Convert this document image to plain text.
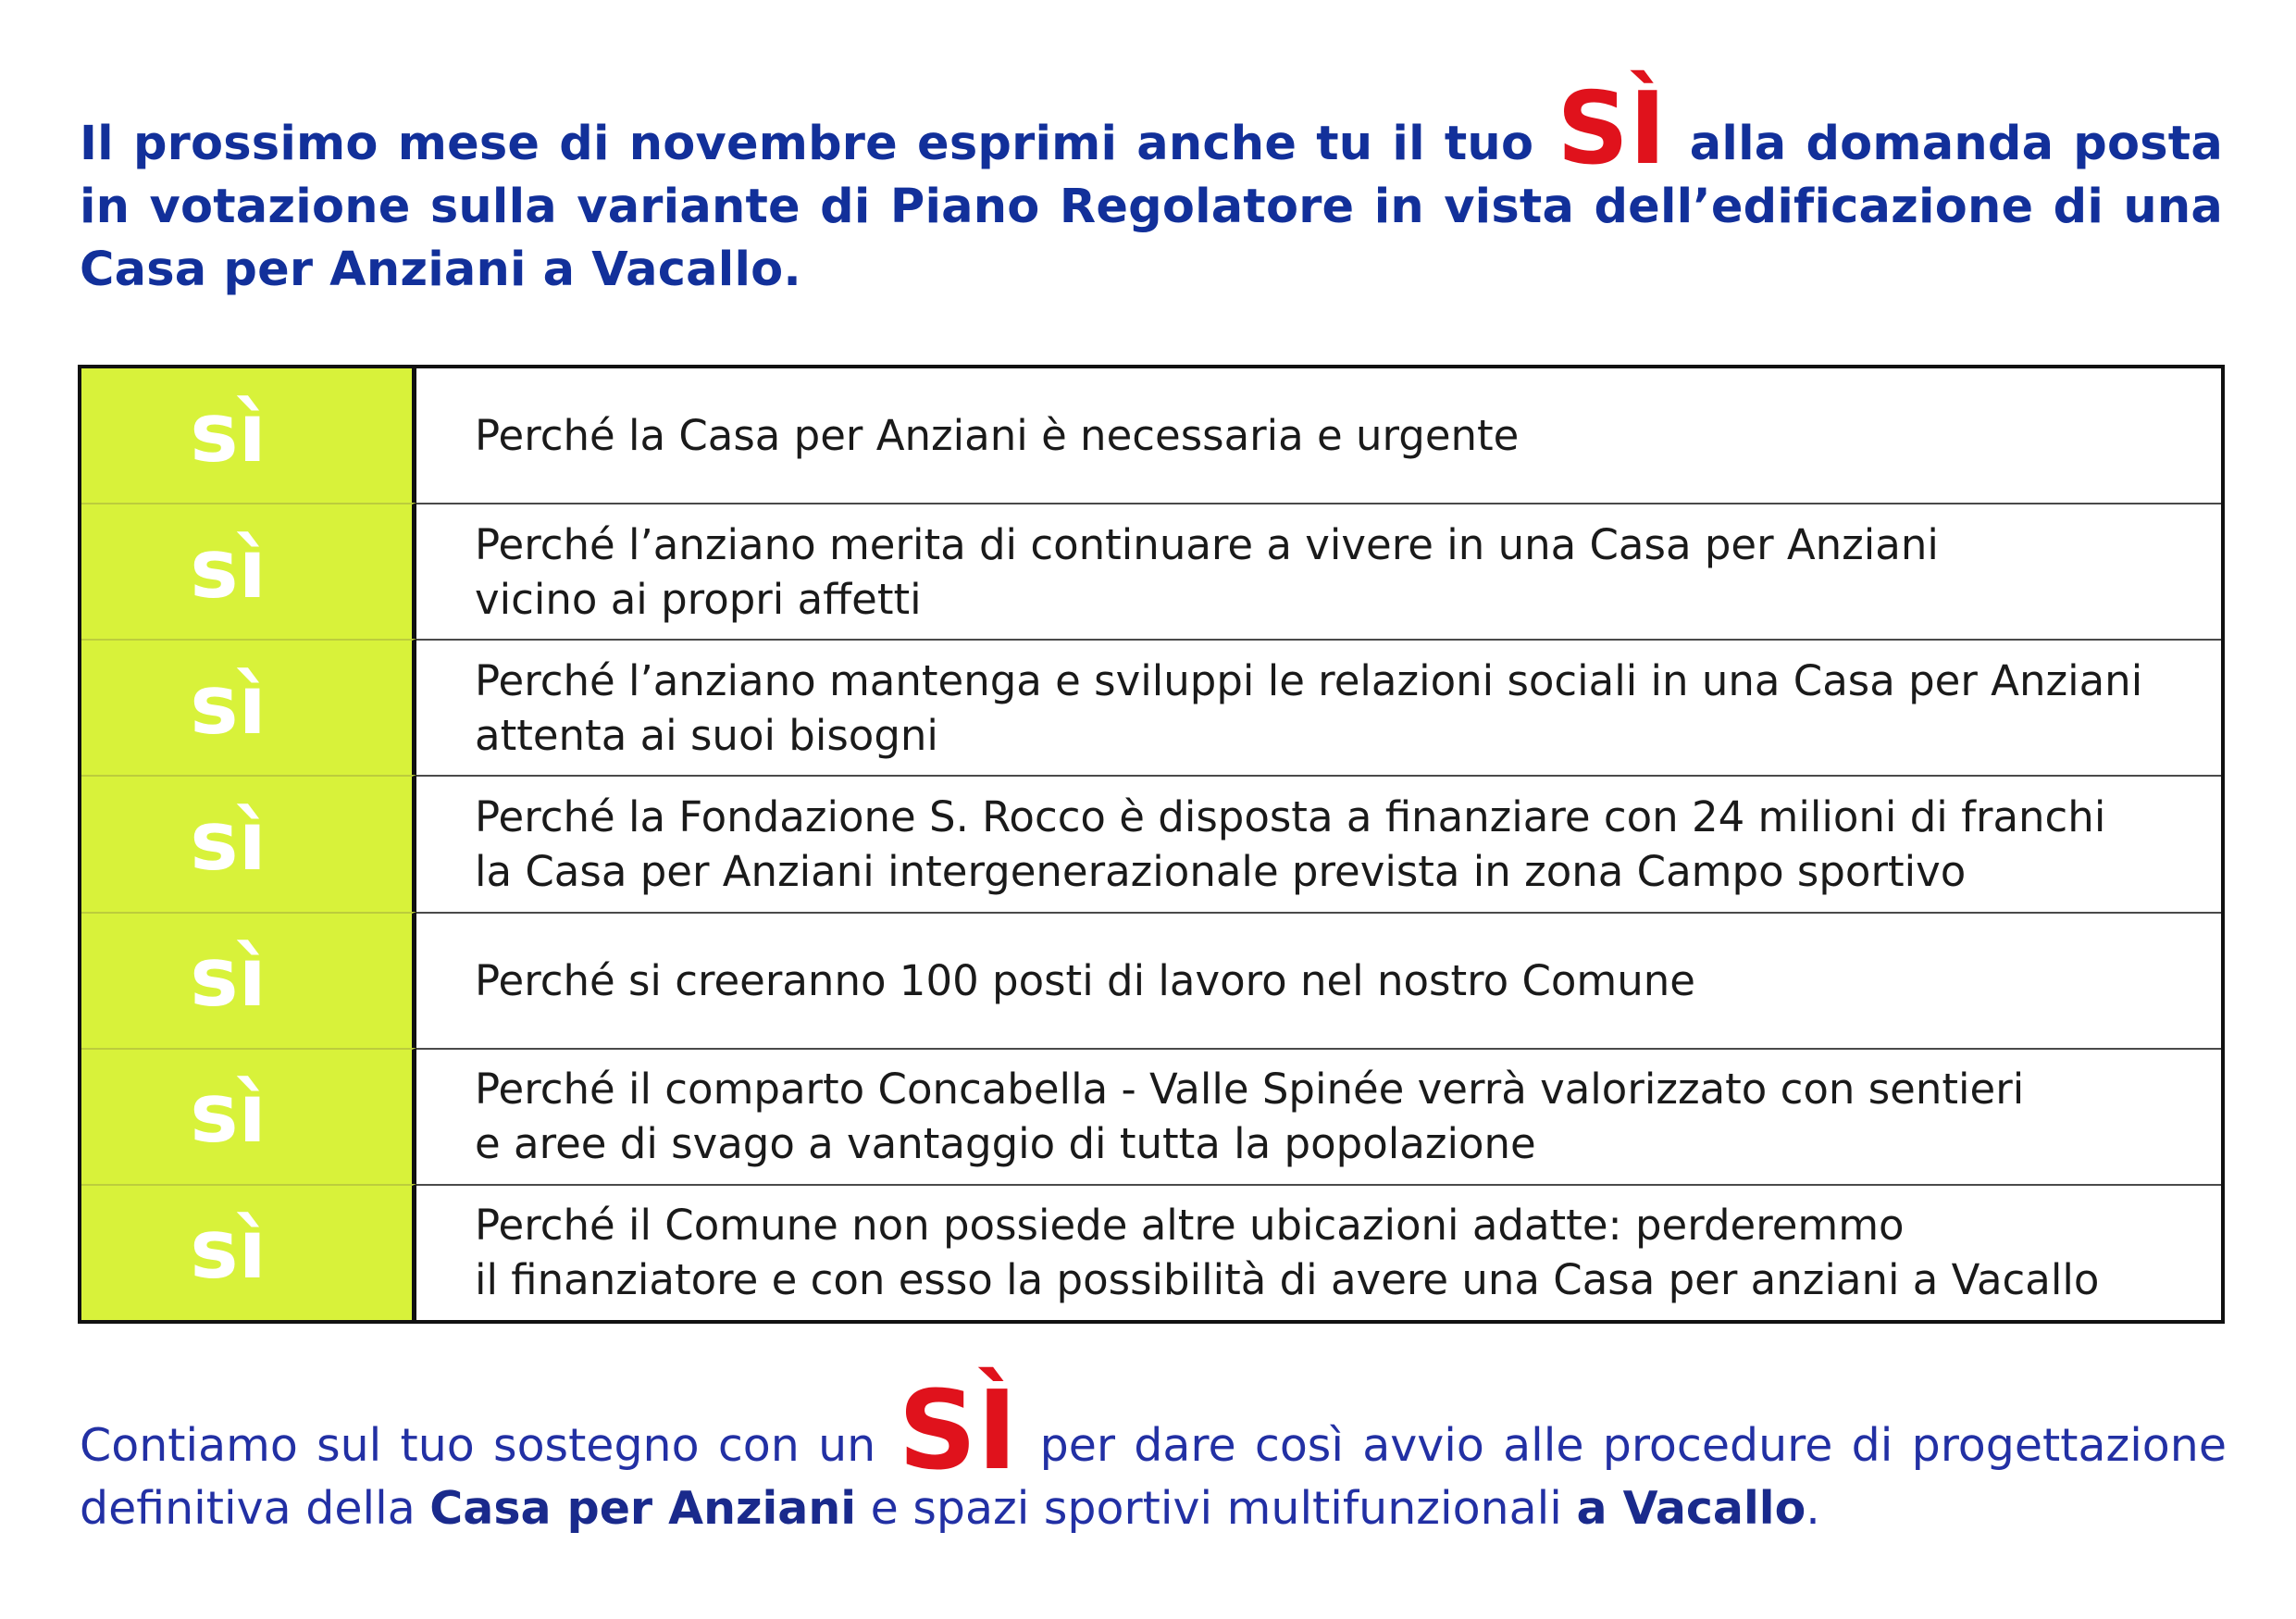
Il prossimo mese di novembre esprimi anche tu il tuo SÌ alla domanda posta in votazione sulla variante di Piano Regolatore in vista dell’edificazione di una Casa per Anziani a Vacallo.
sì	Perché la Casa per Anziani è necessaria e urgente
sì	Perché l’anziano merita di continuare a vivere in una Casa per Anziani
vicino ai propri affetti
sì	Perché l’anziano mantenga e sviluppi le relazioni sociali in una Casa per Anziani
attenta ai suoi bisogni
sì	Perché la Fondazione S. Rocco è disposta a finanziare con 24 milioni di franchi
la Casa per Anziani intergenerazionale prevista in zona Campo sportivo
sì	Perché si creeranno 100 posti di lavoro nel nostro Comune
sì	Perché il comparto Concabella - Valle Spinée verrà valorizzato con sentieri
e aree di svago a vantaggio di tutta la popolazione
sì	Perché il Comune non possiede altre ubicazioni adatte: perderemmo
il finanziatore e con esso la possibilità di avere una Casa per anziani a Vacallo
Contiamo sul tuo sostegno con un SÌ per dare così avvio alle procedure di progettazione definitiva della Casa per Anziani e spazi sportivi multifunzionali a Vacallo.
